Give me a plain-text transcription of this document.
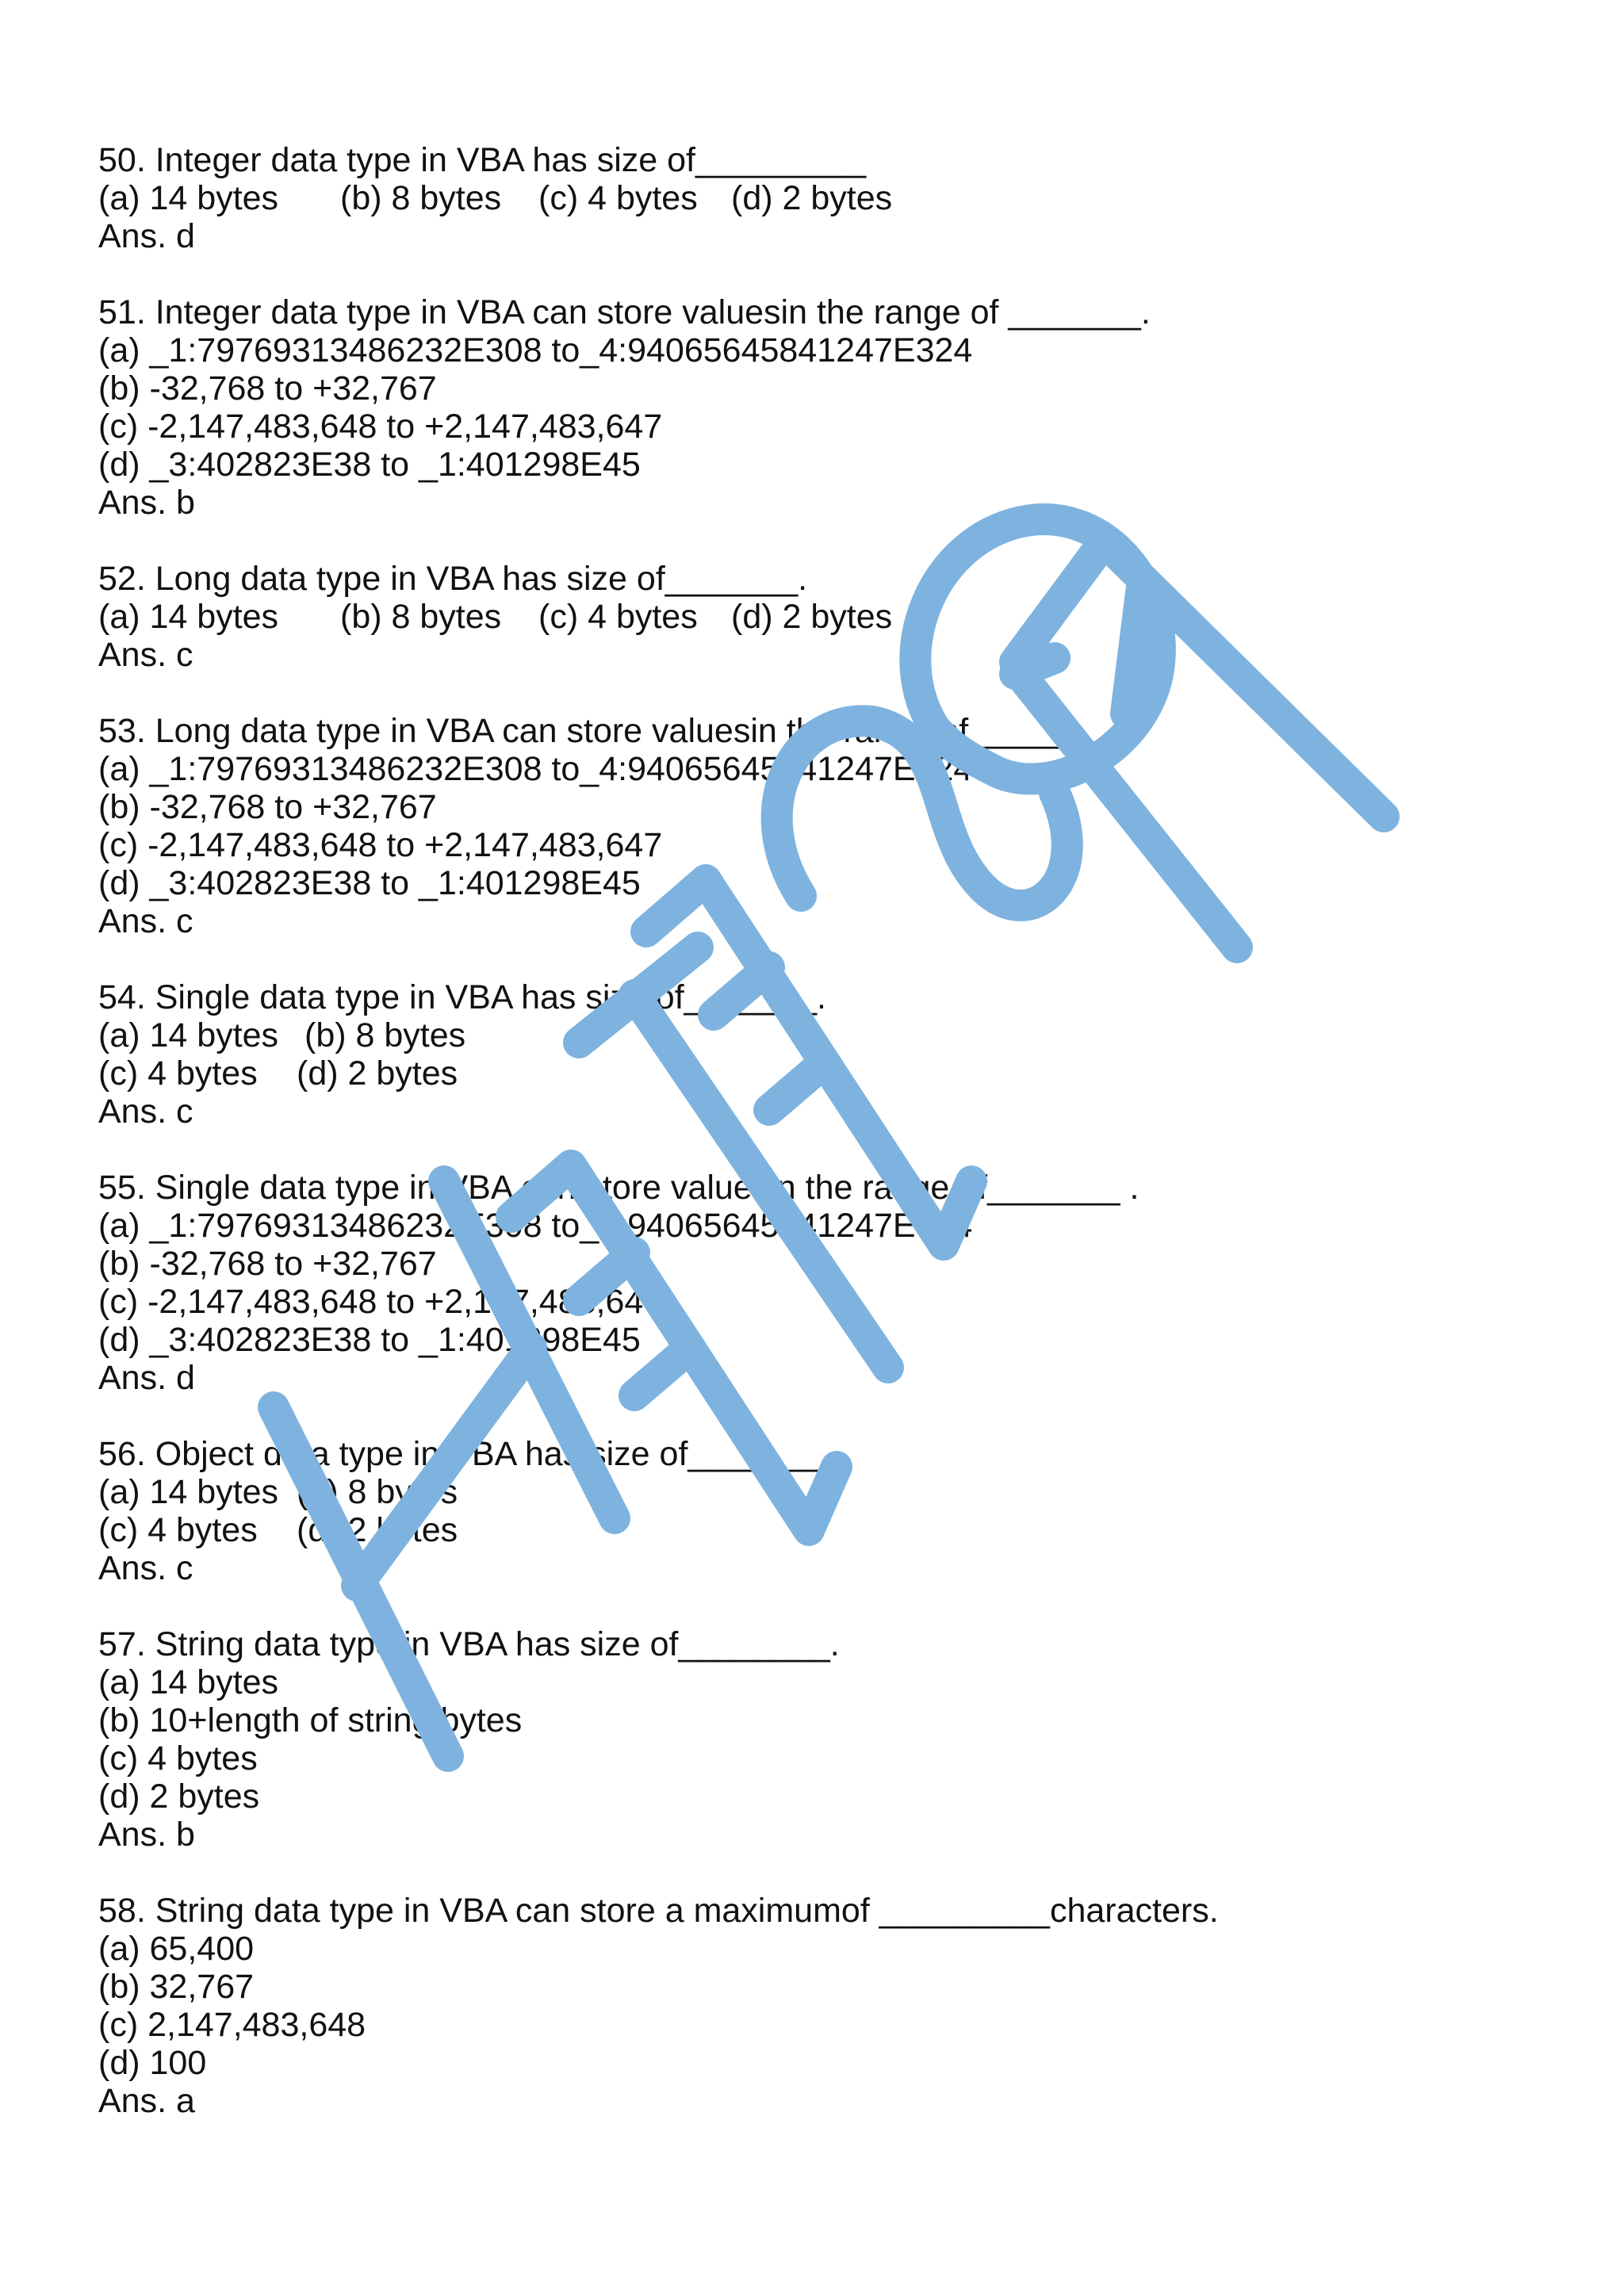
50. Integer data type in VBA has size of_________
(a) 14 bytes (b) 8 bytes (c) 4 bytes (d) 2 bytes
Ans. d
51. Integer data type in VBA can store valuesin the range of _______.
(a) _1:79769313486232E308 to_4:94065645841247E324
(b) -32,768 to +32,767
(c) -2,147,483,648 to +2,147,483,647
(d) _3:402823E38 to _1:401298E45
Ans. b
52. Long data type in VBA has size of_______.
(a) 14 bytes (b) 8 bytes (c) 4 bytes (d) 2 bytes
Ans. c
53. Long data type in VBA can store valuesin the range of________ .
(a) _1:79769313486232E308 to_4:94065645841247E324
(b) -32,768 to +32,767
(c) -2,147,483,648 to +2,147,483,647
(d) _3:402823E38 to _1:401298E45
Ans. c
54. Single data type in VBA has size of_______.
(a) 14 bytes (b) 8 bytes
(c) 4 bytes (d) 2 bytes
Ans. c
55. Single data type in VBA can store valuesin the range of_______ .
(a) _1:79769313486232E308 to_4:94065645841247E324
(b) -32,768 to +32,767
(c) -2,147,483,648 to +2,147,483,647
(d) _3:402823E38 to _1:401298E45
Ans. d
56. Object data type in VBA has size of_______.
(a) 14 bytes (b) 8 bytes
(c) 4 bytes (d) 2 bytes
Ans. c
57. String data type in VBA has size of________.
(a) 14 bytes
(b) 10+length of string bytes
(c) 4 bytes
(d) 2 bytes
Ans. b
58. String data type in VBA can store a maximumof _________characters.
(a) 65,400
(b) 32,767
(c) 2,147,483,648
(d) 100
Ans. a
